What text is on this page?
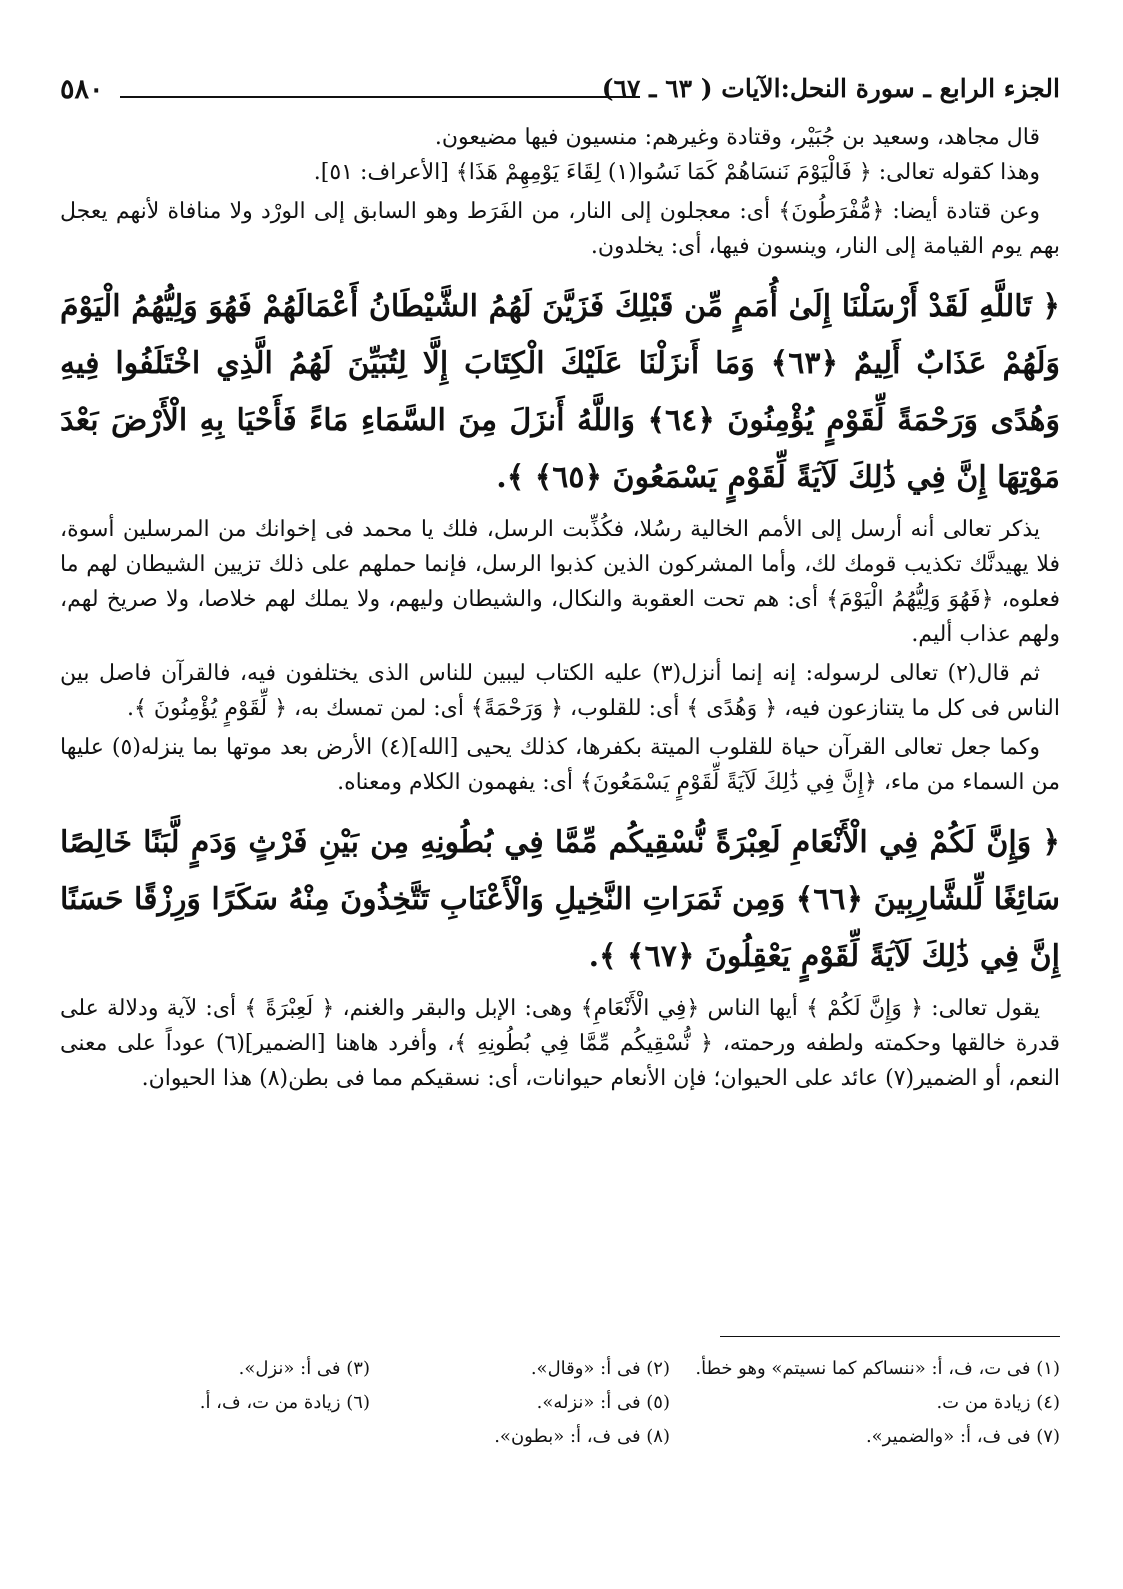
الجزء الرابع ـ سورة النحل:الآيات ( ٦٣ ـ ٦٧)
٥٨٠

قال مجاهد، وسعيد بن جُبَيْر، وقتادة وغيرهم: منسيون فيها مضيعون.

وهذا كقوله تعالى: ﴿ فَالْيَوْمَ نَنسَاهُمْ كَمَا نَسُوا(١) لِقَاءَ يَوْمِهِمْ هَذَا﴾ [الأعراف: ٥١].

وعن قتادة أيضا: ﴿مُّفْرَطُونَ﴾ أى: معجلون إلى النار، من الفَرَط وهو السابق إلى الورْد ولا منافاة لأنهم يعجل بهم يوم القيامة إلى النار، وينسون فيها، أى: يخلدون.

﴿ تَاللَّهِ لَقَدْ أَرْسَلْنَا إِلَىٰ أُمَمٍ مِّن قَبْلِكَ فَزَيَّنَ لَهُمُ الشَّيْطَانُ أَعْمَالَهُمْ فَهُوَ وَلِيُّهُمُ الْيَوْمَ وَلَهُمْ عَذَابٌ أَلِيمٌ ﴿٦٣﴾ وَمَا أَنزَلْنَا عَلَيْكَ الْكِتَابَ إِلَّا لِتُبَيِّنَ لَهُمُ الَّذِي اخْتَلَفُوا فِيهِ وَهُدًى وَرَحْمَةً لِّقَوْمٍ يُؤْمِنُونَ ﴿٦٤﴾ وَاللَّهُ أَنزَلَ مِنَ السَّمَاءِ مَاءً فَأَحْيَا بِهِ الْأَرْضَ بَعْدَ مَوْتِهَا إِنَّ فِي ذَٰلِكَ لَآيَةً لِّقَوْمٍ يَسْمَعُونَ ﴿٦٥﴾ ﴾.

يذكر تعالى أنه أرسل إلى الأمم الخالية رسُلا، فكُذِّبت الرسل، فلك يا محمد فى إخوانك من المرسلين أسوة، فلا يهيدنَّك تكذيب قومك لك، وأما المشركون الذين كذبوا الرسل، فإنما حملهم على ذلك تزيين الشيطان لهم ما فعلوه، ﴿فَهُوَ وَلِيُّهُمُ الْيَوْمَ﴾ أى: هم تحت العقوبة والنكال، والشيطان وليهم، ولا يملك لهم خلاصا، ولا صريخ لهم، ولهم عذاب أليم.

ثم قال(٢) تعالى لرسوله: إنه إنما أنزل(٣) عليه الكتاب ليبين للناس الذى يختلفون فيه، فالقرآن فاصل بين الناس فى كل ما يتنازعون فيه، ﴿ وَهُدًى ﴾ أى: للقلوب، ﴿ وَرَحْمَةً﴾ أى: لمن تمسك به، ﴿ لِّقَوْمٍ يُؤْمِنُونَ ﴾.

وكما جعل تعالى القرآن حياة للقلوب الميتة بكفرها، كذلك يحيى [الله](٤) الأرض بعد موتها بما ينزله(٥) عليها من السماء من ماء، ﴿إِنَّ فِي ذَٰلِكَ لَآيَةً لِّقَوْمٍ يَسْمَعُونَ﴾ أى: يفهمون الكلام ومعناه.

﴿ وَإِنَّ لَكُمْ فِي الْأَنْعَامِ لَعِبْرَةً نُّسْقِيكُم مِّمَّا فِي بُطُونِهِ مِن بَيْنِ فَرْثٍ وَدَمٍ لَّبَنًا خَالِصًا سَائِغًا لِّلشَّارِبِينَ ﴿٦٦﴾ وَمِن ثَمَرَاتِ النَّخِيلِ وَالْأَعْنَابِ تَتَّخِذُونَ مِنْهُ سَكَرًا وَرِزْقًا حَسَنًا إِنَّ فِي ذَٰلِكَ لَآيَةً لِّقَوْمٍ يَعْقِلُونَ ﴿٦٧﴾ ﴾.

يقول تعالى: ﴿ وَإِنَّ لَكُمْ ﴾ أيها الناس ﴿فِي الْأَنْعَامِ﴾ وهى: الإبل والبقر والغنم، ﴿ لَعِبْرَةً ﴾ أى: لآية ودلالة على قدرة خالقها وحكمته ولطفه ورحمته، ﴿ نُّسْقِيكُم مِّمَّا فِي بُطُونِهِ ﴾، وأفرد هاهنا [الضمير](٦) عوداً على معنى النعم، أو الضمير(٧) عائد على الحيوان؛ فإن الأنعام حيوانات، أى: نسقيكم مما فى بطن(٨) هذا الحيوان.

(١) فى ت، ف، أ: «ننساكم كما نسيتم» وهو خطأ.
(٢) فى أ: «وقال».
(٣) فى أ: «نزل».
(٤) زيادة من ت.
(٥) فى أ: «نزله».
(٦) زيادة من ت، ف، أ.
(٧) فى ف، أ: «والضمير».
(٨) فى ف، أ: «بطون».
